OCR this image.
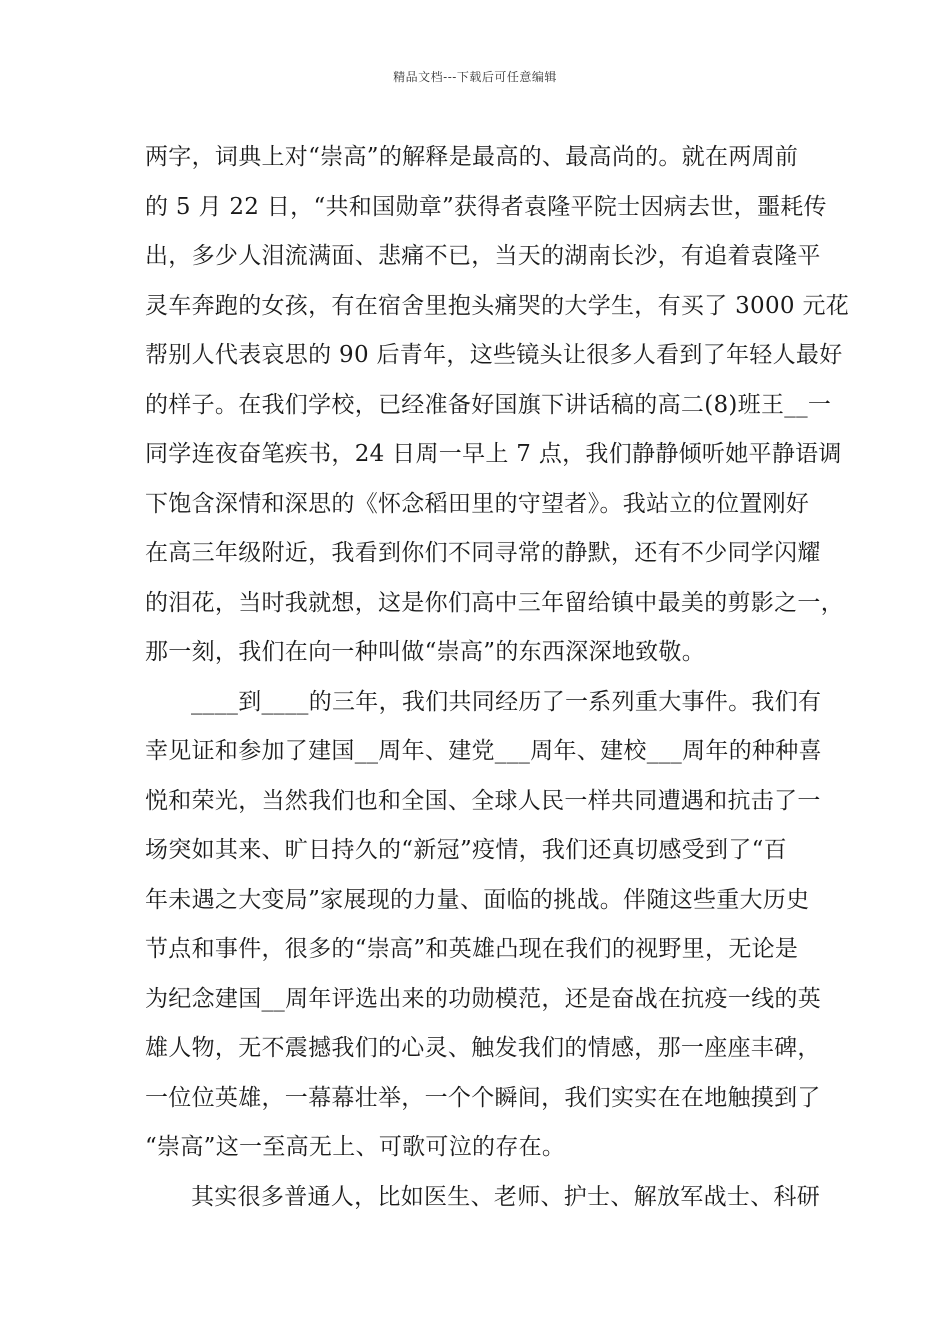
精品文档---下载后可任意编辑
两字，词典上对“崇高”的解释是最高的、最高尚的。就在两周前
的 5 月 22 日，“共和国勋章”获得者袁隆平院士因病去世，噩耗传
出，多少人泪流满面、悲痛不已，当天的湖南长沙，有追着袁隆平
灵车奔跑的女孩，有在宿舍里抱头痛哭的大学生，有买了 3000 元花
帮别人代表哀思的 90 后青年，这些镜头让很多人看到了年轻人最好
的样子。在我们学校，已经准备好国旗下讲话稿的高二(8)班王__一
同学连夜奋笔疾书，24 日周一早上 7 点，我们静静倾听她平静语调
下饱含深情和深思的《怀念稻田里的守望者》。我站立的位置刚好
在高三年级附近，我看到你们不同寻常的静默，还有不少同学闪耀
的泪花，当时我就想，这是你们高中三年留给镇中最美的剪影之一，
那一刻，我们在向一种叫做“崇高”的东西深深地致敬。
____到____的三年，我们共同经历了一系列重大事件。我们有
幸见证和参加了建国__周年、建党___周年、建校___周年的种种喜
悦和荣光，当然我们也和全国、全球人民一样共同遭遇和抗击了一
场突如其来、旷日持久的“新冠”疫情，我们还真切感受到了“百
年未遇之大变局”家展现的力量、面临的挑战。伴随这些重大历史
节点和事件，很多的“崇高”和英雄凸现在我们的视野里，无论是
为纪念建国__周年评选出来的功勋模范，还是奋战在抗疫一线的英
雄人物，无不震撼我们的心灵、触发我们的情感，那一座座丰碑，
一位位英雄，一幕幕壮举，一个个瞬间，我们实实在在地触摸到了
“崇高”这一至高无上、可歌可泣的存在。
其实很多普通人，比如医生、老师、护士、解放军战士、科研
